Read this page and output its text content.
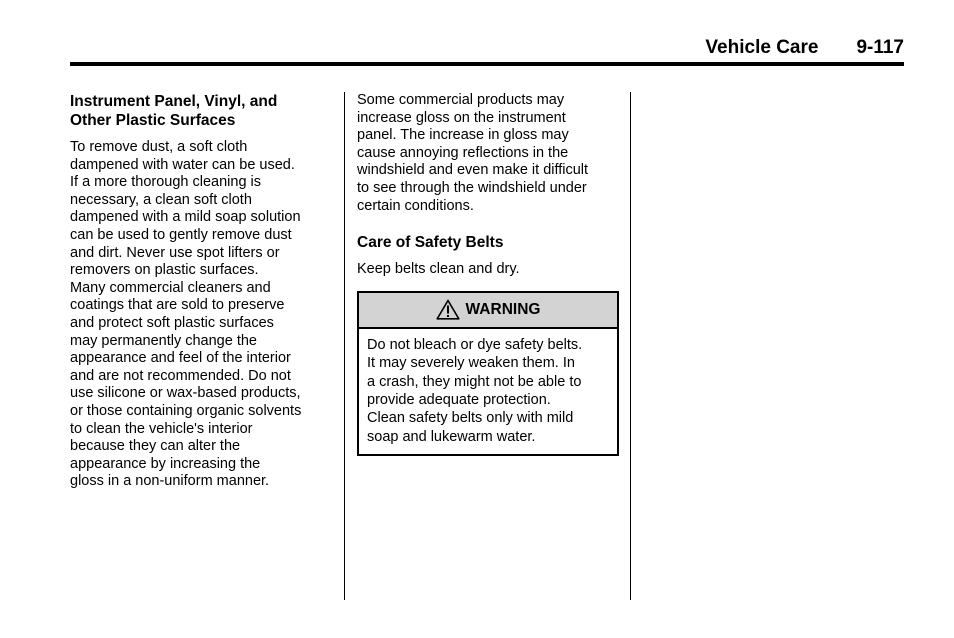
Vehicle Care 9-117
Instrument Panel, Vinyl, and
Other Plastic Surfaces

To remove dust, a soft cloth
dampened with water can be used.
If a more thorough cleaning is
necessary, a clean soft cloth
dampened with a mild soap solution
can be used to gently remove dust
and dirt. Never use spot lifters or
removers on plastic surfaces.
Many commercial cleaners and
coatings that are sold to preserve
and protect soft plastic surfaces
may permanently change the
appearance and feel of the interior
and are not recommended. Do not
use silicone or wax-based products,
or those containing organic solvents
to clean the vehicle's interior
because they can alter the
appearance by increasing the
gloss in a non-uniform manner.

Some commercial products may
increase gloss on the instrument
panel. The increase in gloss may
cause annoying reflections in the
windshield and even make it difficult
to see through the windshield under
certain conditions.

Care of Safety Belts

Keep belts clean and dry.

WARNING

Do not bleach or dye safety belts.
It may severely weaken them. In
a crash, they might not be able to
provide adequate protection.
Clean safety belts only with mild
soap and lukewarm water.
